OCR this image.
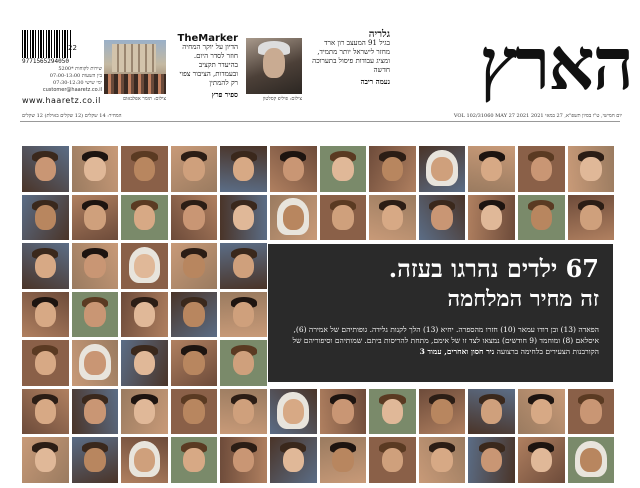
הארץ
גלריה
בגיל 91 המעצב רון ארד מחזר לישראל יותר מתמיד, ומציג עבודות פיסול בתערוכה חדשה
נעמה ריבה
צילום: פיליפ קסלטון
TheMarker
הדיון על יוקר המחיה חוזר לסדר היום. בהיעדר תקציב ובעמדות, הציבור צפוי רק להמתין
ספיר פרץ
צילום: תומר אפלבאום
9771565294050
22
שירות לקוחות *5200
בין השעות 07:00-13:00
ימי שישי 07:30-12:30
customer@haaretz.co.il
www.haaretz.co.il
המחיר: 14 שקלים (12 שקלים באילת) 12 שקלים	יום חמישי, ט"ו בסיון תשפ"א, 27 במאי 2021 VOL 102/31060 MAY 27 2021
67 ילדים נהרגו בעזה.
זה מחיר המלחמה
הפאדה (13) ובן דודו עמאר (10) חזרו מהספרה. יחיא (13) הלך לקנות גלידה. גופותיהם של אמירה (6), איסלאם (8) ומוחמד (9 חודשים) נמצאו לצד זו של אימם, מתחת להריסות ביתם. שמותיהם וסיפוריהם של הקורבנות הצעירים בלחימה ברצועה ניר חסון ואחרים, עמוד 3
